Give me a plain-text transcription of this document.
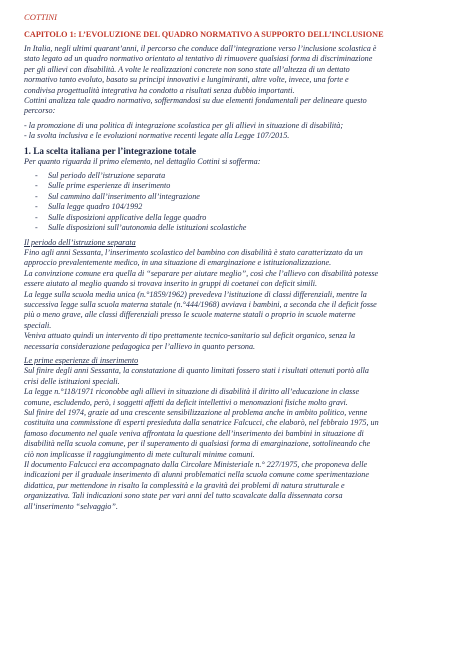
COTTINI

CAPITOLO 1: L’EVOLUZIONE DEL QUADRO NORMATIVO A SUPPORTO DELL’INCLUSIONE

In Italia, negli ultimi quarant’anni, il percorso che conduce dall’integrazione verso l’inclusione scolastica è

stato legato ad un quadro normativo orientato al tentativo di rimuovere qualsiasi forma di discriminazione

per gli allievi con disabilità. A volte le realizzazioni concrete non sono state all’altezza di un dettato

normativo tanto evoluto, basato su principi innovativi e lungimiranti, altre volte, invece, una forte e

condivisa progettualità integrativa ha condotto a risultati senza dubbio importanti.

Cottini analizza tale quadro normativo, soffermandosi su due elementi fondamentali per delineare questo

percorso:

- la promozione di una politica di integrazione scolastica per gli allievi in situazione di disabilità;

- la svolta inclusiva e le evoluzioni normative recenti legate alla Legge 107/2015.

1. La scelta italiana per l’integrazione totale

Per quanto riguarda il primo elemento, nel dettaglio Cottini si sofferma:

- Sul periodo dell’istruzione separata
- Sulle prime esperienze di inserimento
- Sul cammino dall’inserimento all’integrazione
- Sulla legge quadro 104/1992
- Sulle disposizioni applicative della legge quadro
- Sulle disposizioni sull’autonomia delle istituzioni scolastiche

Il periodo dell’istruzione separata

Fino agli anni Sessanta, l’inserimento scolastico del bambino con disabilità è stato caratterizzato da un

approccio prevalentemente medico, in una situazione di emarginazione e istituzionalizzazione.

La convinzione comune era quella di “separare per aiutare meglio”, così che l’allievo con disabilità potesse

essere aiutato al meglio quando si trovava inserito in gruppi di coetanei con deficit simili.

La legge sulla scuola media unica (n.°1859/1962) prevedeva l’istituzione di classi differenziali, mentre la

successiva legge sulla scuola materna statale (n.°444/1968) avviava i bambini, a seconda che il deficit fosse

più o meno grave, alle classi differenziali presso le scuole materne statali o proprio in scuole materne

speciali.

Veniva attuato quindi un intervento di tipo prettamente tecnico-sanitario sul deficit organico, senza la

necessaria considerazione pedagogica per l’allievo in quanto persona.

Le prime esperienze di inserimento

Sul finire degli anni Sessanta, la constatazione di quanto limitati fossero stati i risultati ottenuti portò alla

crisi delle istituzioni speciali.

La legge n.°118/1971 riconobbe agli allievi in situazione di disabilità il diritto all’educazione in classe

comune, escludendo, però, i soggetti affetti da deficit intellettivi o menomazioni fisiche molto gravi.

Sul finire del 1974, grazie ad una crescente sensibilizzazione al problema anche in ambito politico, venne

costituita una commissione di esperti presieduta dalla senatrice Falcucci, che elaborò, nel febbraio 1975, un

famoso documento nel quale veniva affrontata la questione dell’inserimento dei bambini in situazione di

disabilità nella scuola comune, per il superamento di qualsiasi forma di emarginazione, sottolineando che

ciò non implicasse il raggiungimento di mete culturali minime comuni.

Il documento Falcucci era accompagnato dalla Circolare Ministeriale n.° 227/1975, che proponeva delle

indicazioni per il graduale inserimento di alunni problematici nella scuola comune come sperimentazione

didattica, pur mettendone in risalto la complessità e la gravità dei problemi di natura strutturale e

organizzativa. Tali indicazioni sono state per vari anni del tutto scavalcate dalla dissennata corsa

all’inserimento “selvaggio”.
